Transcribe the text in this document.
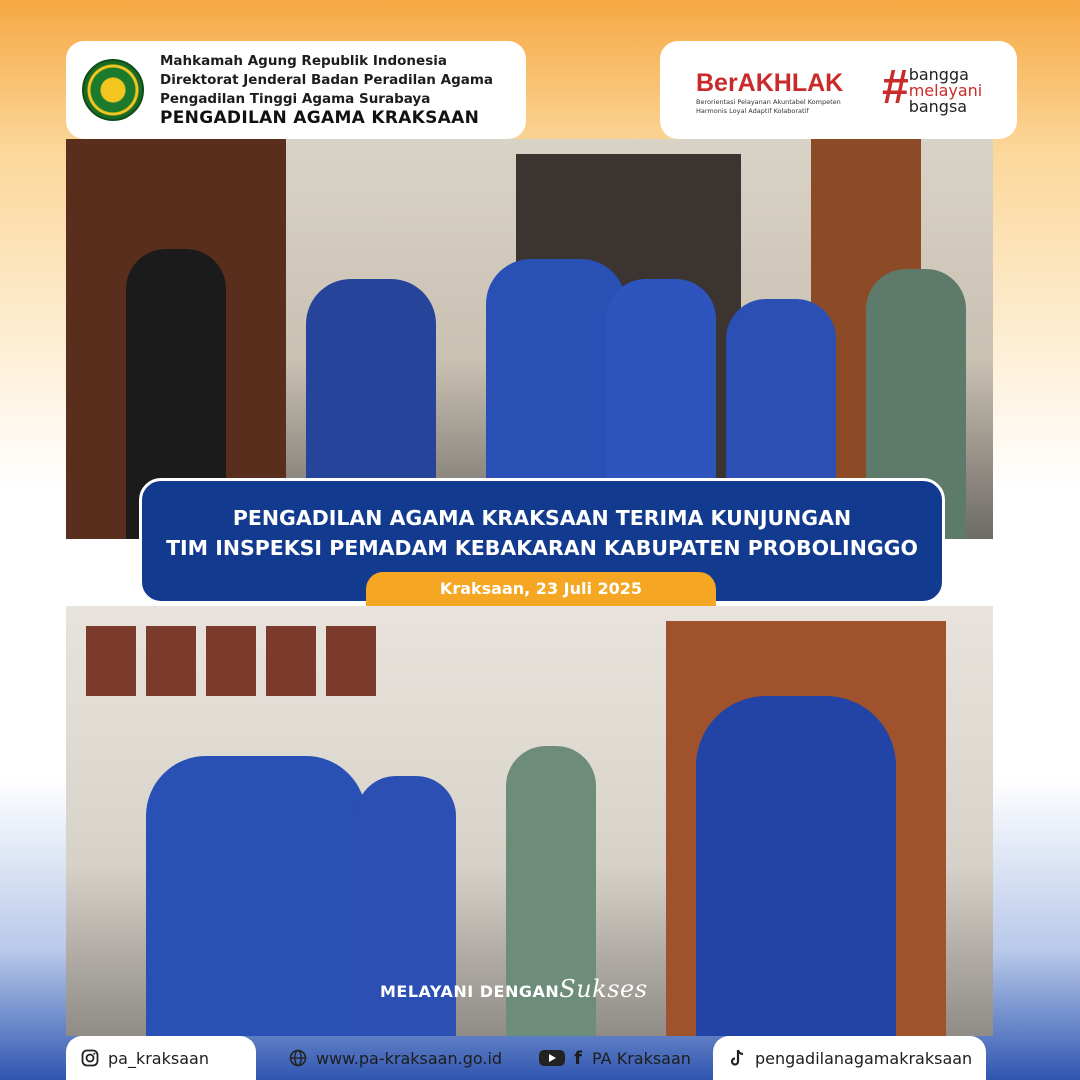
Mahkamah Agung Republik Indonesia
Direktorat Jenderal Badan Peradilan Agama
Pengadilan Tinggi Agama Surabaya
PENGADILAN AGAMA KRAKSAAN
BerAKHLAK
Berorientasi Pelayanan Akuntabel Kompeten Harmonis Loyal Adaptif Kolaboratif	# bangga
melayani
bangsa
PENGADILAN AGAMA KRAKSAAN TERIMA KUNJUNGAN
TIM INSPEKSI PEMADAM KEBAKARAN KABUPATEN PROBOLINGGO
Kraksaan, 23 Juli 2025
MELAYANI DENGANSukses
pa_kraksaan	www.pa-kraksaan.go.id	f PA Kraksaan	pengadilanagamakraksaan
